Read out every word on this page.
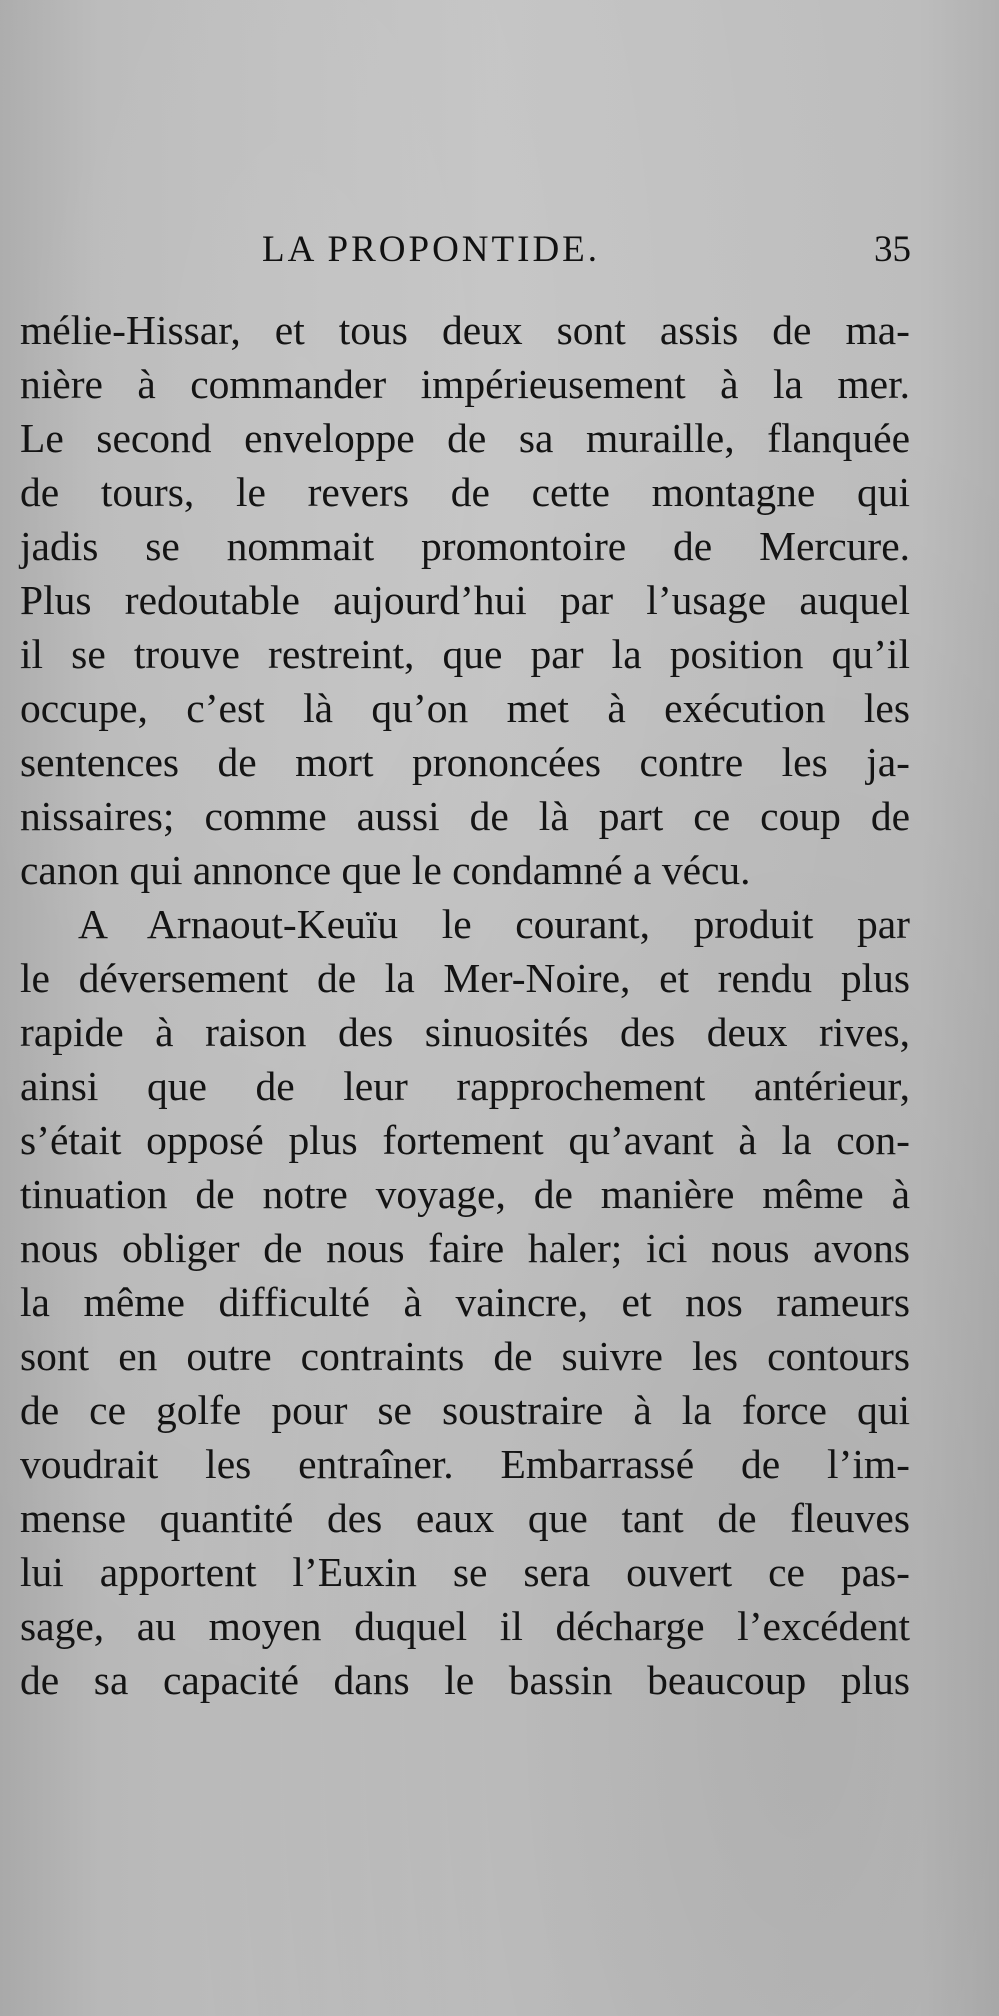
LA PROPONTIDE.	35
mélie-Hissar, et tous deux sont assis de ma-
nière à commander impérieusement à la mer.
Le second enveloppe de sa muraille, flanquée
de tours, le revers de cette montagne qui
jadis se nommait promontoire de Mercure.
Plus redoutable aujourd’hui par l’usage auquel
il se trouve restreint, que par la position qu’il
occupe, c’est là qu’on met à exécution les
sentences de mort prononcées contre les ja-
nissaires; comme aussi de là part ce coup de
canon qui annonce que le condamné a vécu.
A Arnaout-Keuïu le courant, produit par
le déversement de la Mer-Noire, et rendu plus
rapide à raison des sinuosités des deux rives,
ainsi que de leur rapprochement antérieur,
s’était opposé plus fortement qu’avant à la con-
tinuation de notre voyage, de manière même à
nous obliger de nous faire haler; ici nous avons
la même difficulté à vaincre, et nos rameurs
sont en outre contraints de suivre les contours
de ce golfe pour se soustraire à la force qui
voudrait les entraîner. Embarrassé de l’im-
mense quantité des eaux que tant de fleuves
lui apportent l’Euxin se sera ouvert ce pas-
sage, au moyen duquel il décharge l’excédent
de sa capacité dans le bassin beaucoup plus
